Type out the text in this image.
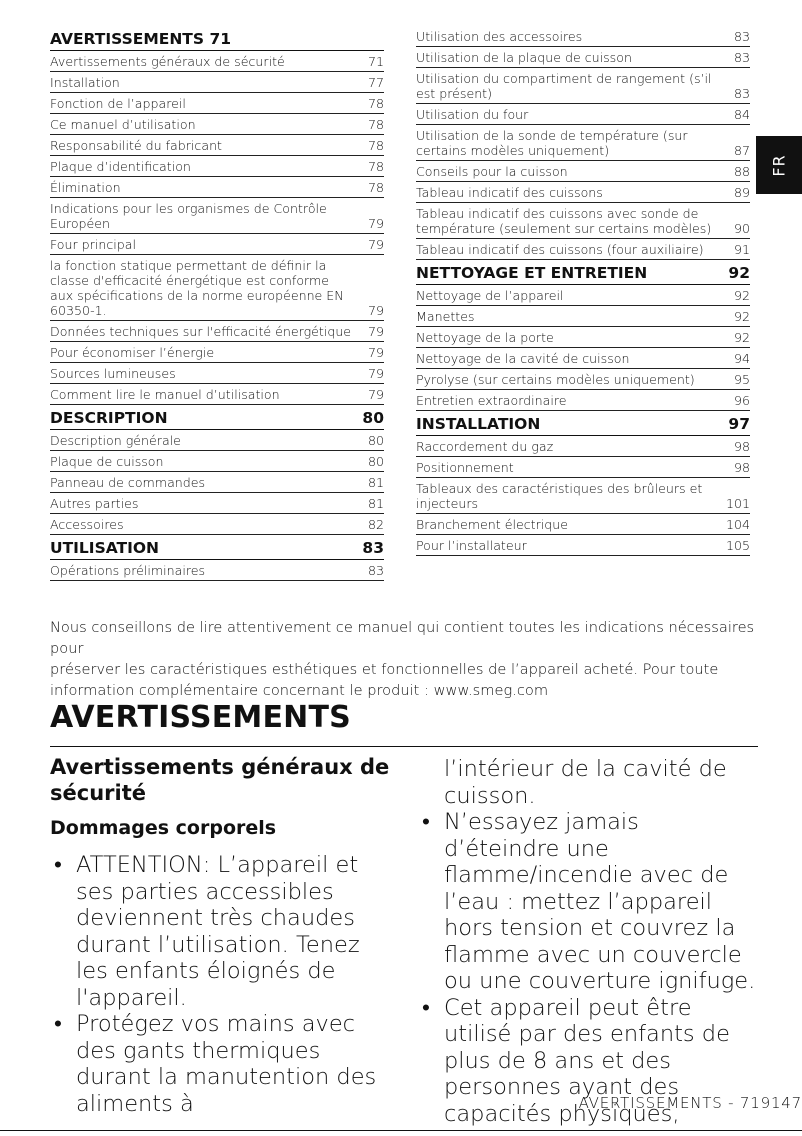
AVERTISSEMENTS 71
Avertissements généraux de sécurité	71
Installation	77
Fonction de l’appareil	78
Ce manuel d’utilisation	78
Responsabilité du fabricant	78
Plaque d’identification	78
Élimination	78
Indications pour les organismes de Contrôle Européen	79
Four principal	79
la fonction statique permettant de définir la classe d'efficacité énergétique est conforme aux spécifications de la norme européenne EN 60350-1.	79
Données techniques sur l'efficacité énergétique	79
Pour économiser l’énergie	79
Sources lumineuses	79
Comment lire le manuel d’utilisation	79
DESCRIPTION	80
Description générale	80
Plaque de cuisson	80
Panneau de commandes	81
Autres parties	81
Accessoires	82
UTILISATION	83
Opérations préliminaires	83
Utilisation des accessoires	83
Utilisation de la plaque de cuisson	83
Utilisation du compartiment de rangement (s’il est présent)	83
Utilisation du four	84
Utilisation de la sonde de température (sur certains modèles uniquement)	87
Conseils pour la cuisson	88
Tableau indicatif des cuissons	89
Tableau indicatif des cuissons avec sonde de température (seulement sur certains modèles)	90
Tableau indicatif des cuissons (four auxiliaire)	91
NETTOYAGE ET ENTRETIEN	92
Nettoyage de l’appareil	92
Manettes	92
Nettoyage de la porte	92
Nettoyage de la cavité de cuisson	94
Pyrolyse (sur certains modèles uniquement)	95
Entretien extraordinaire	96
INSTALLATION	97
Raccordement du gaz	98
Positionnement	98
Tableaux des caractéristiques des brûleurs et injecteurs	101
Branchement électrique	104
Pour l’installateur	105
FR
Nous conseillons de lire attentivement ce manuel qui contient toutes les indications nécessaires pour
préserver les caractéristiques esthétiques et fonctionnelles de l’appareil acheté. Pour toute
information complémentaire concernant le produit : www.smeg.com
AVERTISSEMENTS
Avertissements généraux de sécurité
Dommages corporels
• ATTENTION: L’appareil et ses parties accessibles deviennent très chaudes durant l’utilisation. Tenez les enfants éloignés de l'appareil.
• Protégez vos mains avec des gants thermiques durant la manutention des aliments à
l’intérieur de la cavité de cuisson.
• N’essayez jamais d’éteindre une flamme/incendie avec de l’eau : mettez l’appareil hors tension et couvrez la flamme avec un couvercle ou une couverture ignifuge.
• Cet appareil peut être utilisé par des enfants de plus de 8 ans et des personnes ayant des capacités physiques,
AVERTISSEMENTS - 719147
